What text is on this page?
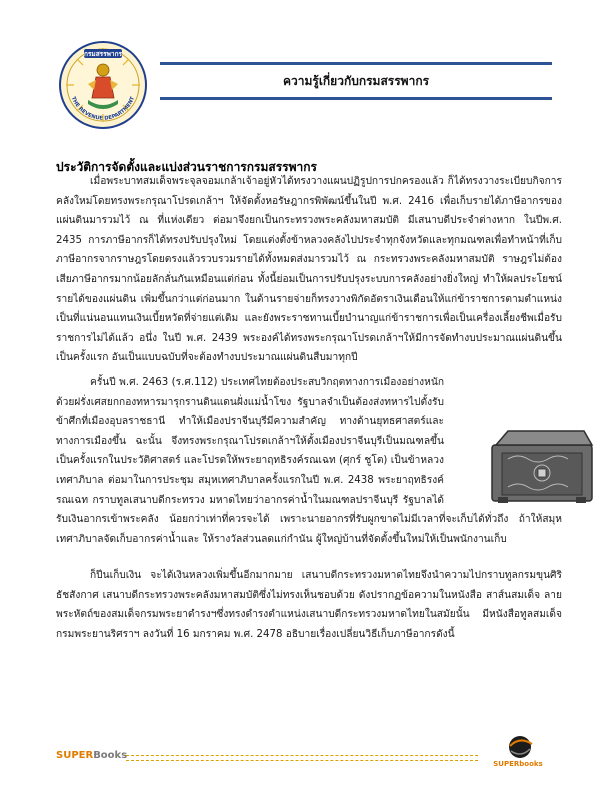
กรมสรรพากร
THE REVENUE DEPARTMENT
ความรู้เกี่ยวกับกรมสรรพากร
ประวัติการจัดตั้งและแบ่งส่วนราชการกรมสรรพากร

เมื่อพระบาทสมเด็จพระจุลจอมเกล้าเจ้าอยู่หัวได้ทรงวางแผนปฏิรูปการปกครองแล้ว ก็ได้ทรงวางระเบียบกิจการคลังใหม่โดยทรงพระกรุณาโปรดเกล้าฯ ให้จัดตั้งหอรัษฎากรพิพัฒน์ขึ้นในปี พ.ศ. 2416 เพื่อเก็บรายได้ภาษีอากรของแผ่นดินมารวมไว้ ณ ที่แห่งเดียว ต่อมาจึงยกเป็นกระทรวงพระคลังมหาสมบัติ มีเสนาบดีประจำต่างหาก ในปีพ.ศ. 2435 การภาษีอากรก็ได้ทรงปรับปรุงใหม่ โดยแต่งตั้งข้าหลวงคลังไปประจำทุกจังหวัดและทุกมณฑลเพื่อทำหน้าที่เก็บภาษีอากรจากราษฎรโดยตรงแล้วรวบรวมรายได้ทั้งหมดส่งมารวมไว้ ณ กระทรวงพระคลังมหาสมบัติ ราษฎรไม่ต้องเสียภาษีอากรมากน้อยลักลั่นกันเหมือนแต่ก่อน ทั้งนี้ย่อมเป็นการปรับปรุงระบบการคลังอย่างยิ่งใหญ่ ทำให้ผลประโยชน์รายได้ของแผ่นดิน เพิ่มขึ้นกว่าแต่ก่อนมาก ในด้านรายจ่ายก็ทรงวางพิกัดอัตราเงินเดือนให้แก่ข้าราชการตามตำแหน่งเป็นที่แน่นอนแทนเงินเบี้ยหวัดที่จ่ายแต่เดิม และยังพระราชทานเบี้ยบำนาญแก่ข้าราชการเพื่อเป็นเครื่องเลี้ยงชีพเมื่อรับราชการไม่ได้แล้ว อนึ่ง ในปี พ.ศ. 2439 พระองค์ได้ทรงพระกรุณาโปรดเกล้าฯให้มีการจัดทำงบประมาณแผ่นดินขึ้นเป็นครั้งแรก อันเป็นแบบฉบับที่จะต้องทำงบประมาณแผ่นดินสืบมาทุกปี

ครั้นปี พ.ศ. 2463 (ร.ศ.112) ประเทศไทยต้องประสบวิกฤตทางการเมืองอย่างหนัก ด้วยฝรั่งเศสยกกองทหารมารุกรานดินแดนฝั่งแม่น้ำโขง รัฐบาลจำเป็นต้องส่งทหารไปตั้งรับข้าศึกที่เมืองอุบลราชธานี ทำให้เมืองปราจีนบุรีมีความสำคัญ ทางด้านยุทธศาสตร์และทางการเมืองขึ้น ฉะนั้น จึงทรงพระกรุณาโปรดเกล้าฯให้ตั้งเมืองปราจีนบุรีเป็นมณฑลขึ้นเป็นครั้งแรกในประวัติศาสตร์ และโปรดให้พระยาฤทธิรงค์รณเฉท (ศุกร์ ชูโต) เป็นข้าหลวงเทศาภิบาล ต่อมาในการประชุม สมุหเทศาภิบาลครั้งแรกในปี พ.ศ. 2438 พระยาฤทธิรงค์รณเฉท กราบทูลเสนาบดีกระทรวง มหาดไทยว่าอากรค่าน้ำในมณฑลปราจีนบุรี รัฐบาลได้รับเงินอากรเข้าพระคลัง น้อยกว่าเท่าที่ควรจะได้ เพราะนายอากรที่รับผูกขาดไม่มีเวลาที่จะเก็บได้ทั่วถึง ถ้าให้สมุหเทศาภิบาลจัดเก็บอากรค่าน้ำและ ให้รางวัลส่วนลดแก่กำนัน ผู้ใหญ่บ้านที่จัดตั้งขึ้นใหม่ให้เป็นพนักงานเก็บ

ก็ปีนเก็บเงิน จะได้เงินหลวงเพิ่มขึ้นอีกมากมาย เสนาบดีกระทรวงมหาดไทยจึงนำความไปกราบทูลกรมขุนศิริธัชสังกาศ เสนาบดีกระทรวงพระคลังมหาสมบัติซึ่งไม่ทรงเห็นชอบด้วย ดังปรากฏข้อความในหนังสือ สาส์นสมเด็จ ลายพระหัตถ์ของสมเด็จกรมพระยาดำรงฯซึ่งทรงดำรงตำแหน่งเสนาบดีกระทรวงมหาดไทยในสมัยนั้น มีหนังสือทูลสมเด็จกรมพระยานริศราฯ ลงวันที่ 16 มกราคม พ.ศ. 2478 อธิบายเรื่องเปลี่ยนวิธีเก็บภาษีอากรดังนี้

SUPERBooks
SUPERbooks
